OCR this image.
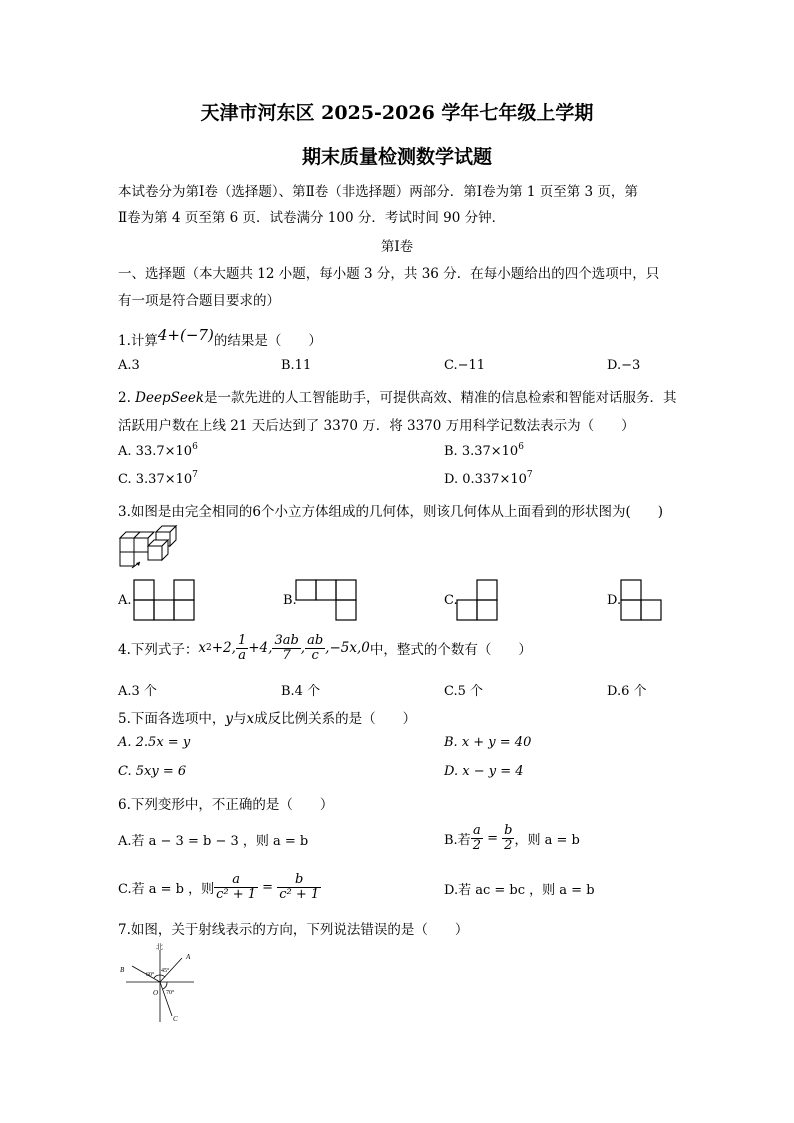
天津市河东区 2025-2026 学年七年级上学期
期末质量检测数学试题
本试卷分为第Ⅰ卷（选择题）、第Ⅱ卷（非选择题）两部分．第Ⅰ卷为第 1 页至第 3 页，第
Ⅱ卷为第 4 页至第 6 页．试卷满分 100 分．考试时间 90 分钟．
第Ⅰ卷
一、选择题（本大题共 12 小题，每小题 3 分，共 36 分．在每小题给出的四个选项中，只
有一项是符合题目要求的）
1.计算4+(−7)的结果是（　　）
A.3	B.11	C.−11	D.−3
2. DeepSeek是一款先进的人工智能助手，可提供高效、精准的信息检索和智能对话服务．其
活跃用户数在上线 21 天后达到了 3370 万．将 3370 万用科学记数法表示为（　　）
A. $33.7\times 10^6$	B. $3.37\times 10^6$
C. $3.37\times 10^7$	D. $0.337\times 10^7$
3.如图是由完全相同的6个小立方体组成的几何体，则该几何体从上面看到的形状图为(　　)
A.	B.	C.	D.
4.下列式子： x 2 +2, $\frac{1}{a} +4$, $\frac{3ab}{7}$ , $\frac{ab}{c} ,-5x,0$ 中，整式的个数有（　　）
A.3 个	B.4 个	C.5 个	D.6 个
5.下面各选项中，y与x成反比例关系的是（　　）
A. 2.5x = y	B. x + y = 40
C. 5xy = 6	D. x − y = 4
6.下列变形中，不正确的是（　　）
A.若 a − 3 = b − 3 ，则 a = b	B.若 $\frac{a}{2} = \frac{b}{2}$ ，则 a = b
C.若 a = b ，则 $\frac{a}{\text{c² + 1}} = \frac{b}{\text{c² + 1}}$	D.若 ac = bc ，则 a = b
7.如图，关于射线表示的方向，下列说法错误的是（　　）
北
B
A
O
C
60°
45°
70°
